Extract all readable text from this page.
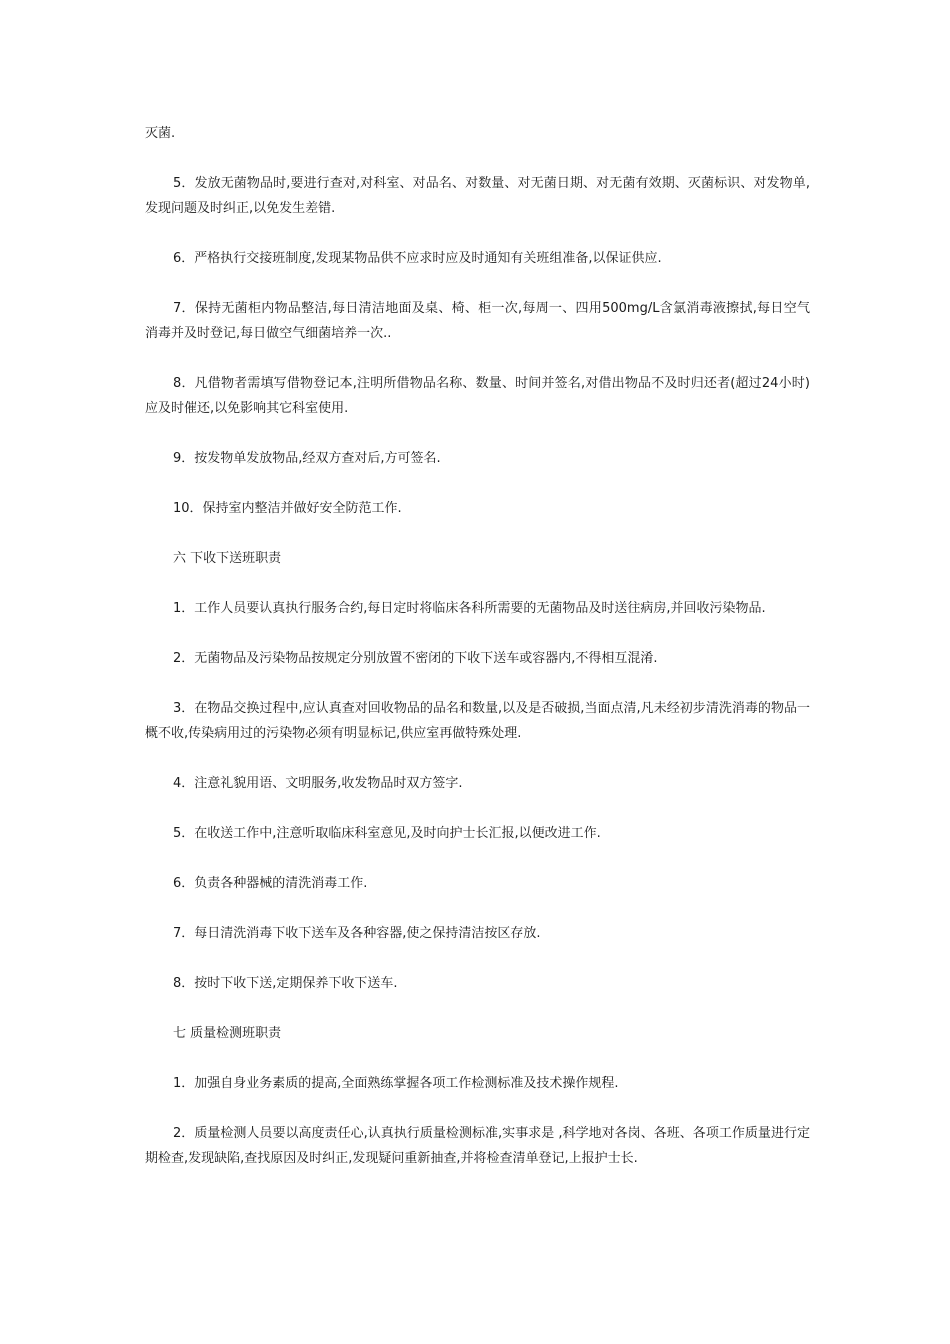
灭菌.

5．发放无菌物品时,要进行查对,对科室、对品名、对数量、对无菌日期、对无菌有效期、灭菌标识、对发物单,发现问题及时纠正,以免发生差错.

6．严格执行交接班制度,发现某物品供不应求时应及时通知有关班组准备,以保证供应.

7．保持无菌柜内物品整洁,每日清洁地面及桌、椅、柜一次,每周一、四用500mg/L含氯消毒液擦拭,每日空气消毒并及时登记,每日做空气细菌培养一次..

8．凡借物者需填写借物登记本,注明所借物品名称、数量、时间并签名,对借出物品不及时归还者(超过24小时)应及时催还,以免影响其它科室使用.

9．按发物单发放物品,经双方查对后,方可签名.

10．保持室内整洁并做好安全防范工作.

六 下收下送班职责

1．工作人员要认真执行服务合约,每日定时将临床各科所需要的无菌物品及时送往病房,并回收污染物品.

2．无菌物品及污染物品按规定分别放置不密闭的下收下送车或容器内,不得相互混淆.

3．在物品交换过程中,应认真查对回收物品的品名和数量,以及是否破损,当面点清,凡未经初步清洗消毒的物品一概不收,传染病用过的污染物必须有明显标记,供应室再做特殊处理.

4．注意礼貌用语、文明服务,收发物品时双方签字.

5．在收送工作中,注意听取临床科室意见,及时向护士长汇报,以便改进工作.

6．负责各种器械的清洗消毒工作.

7．每日清洗消毒下收下送车及各种容器,使之保持清洁按区存放.

8．按时下收下送,定期保养下收下送车.

七 质量检测班职责

1．加强自身业务素质的提高,全面熟练掌握各项工作检测标准及技术操作规程.

2．质量检测人员要以高度责任心,认真执行质量检测标准,实事求是 ,科学地对各岗、各班、各项工作质量进行定期检查,发现缺陷,查找原因及时纠正,发现疑问重新抽查,并将检查清单登记,上报护士长.
